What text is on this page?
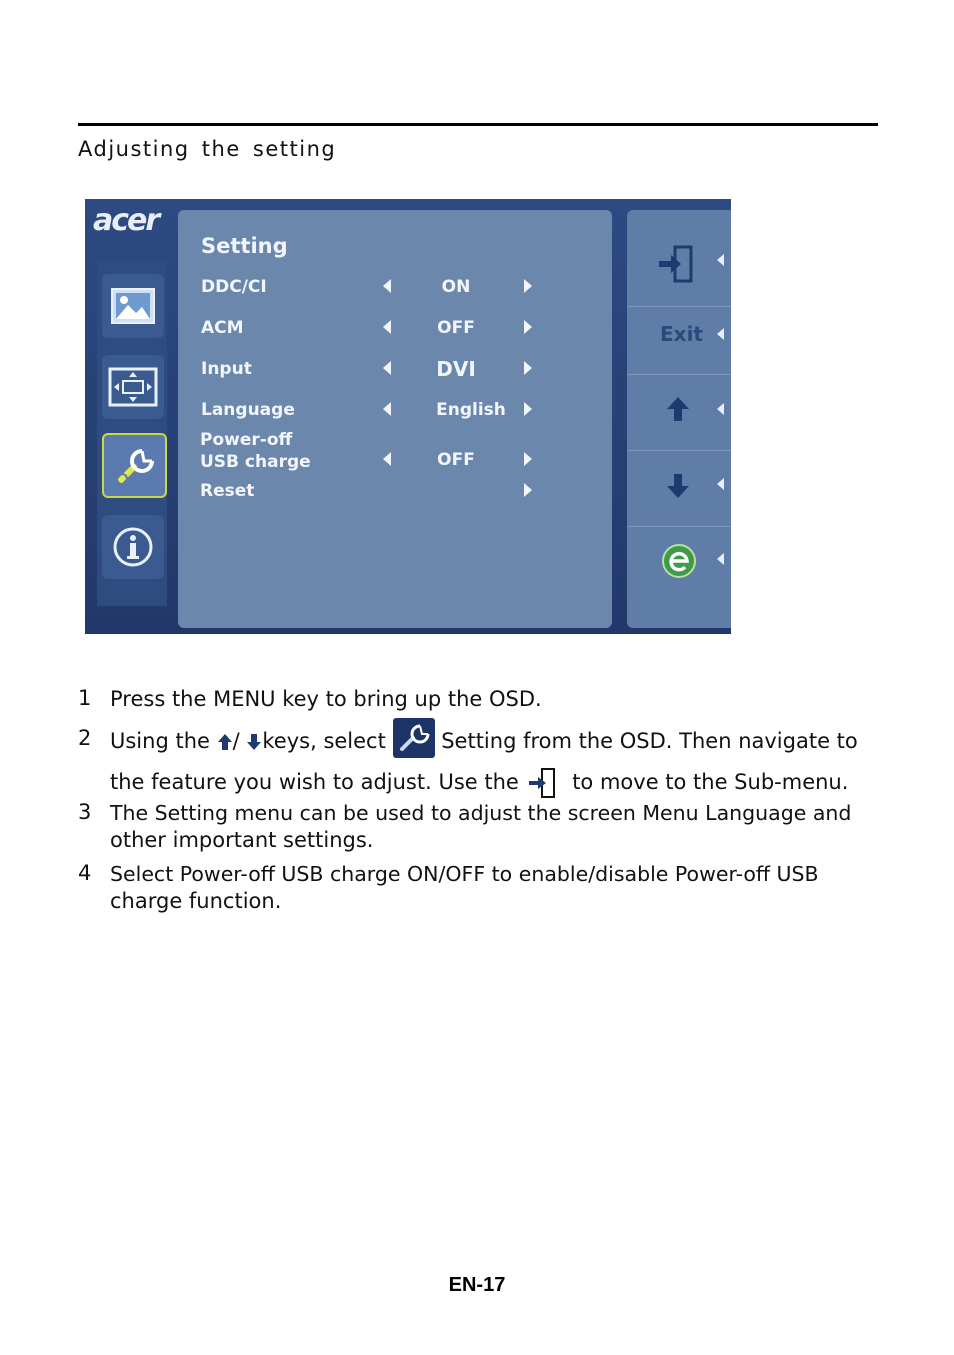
Adjusting the setting
acer
Setting
DDC/CI	ON
ACM	OFF
Input	DVI
Language	English
Power-off
USB charge	OFF
Reset
Exit
1 Press the MENU key to bring up the OSD.
2 Using the / keys, select	Setting from the OSD. Then navigate to
the feature you wish to adjust. Use the	to move to the Sub-menu.
3 The Setting menu can be used to adjust the screen Menu Language and
other important settings.
4 Select Power-off USB charge ON/OFF to enable/disable Power-off USB
charge function.
EN-17
